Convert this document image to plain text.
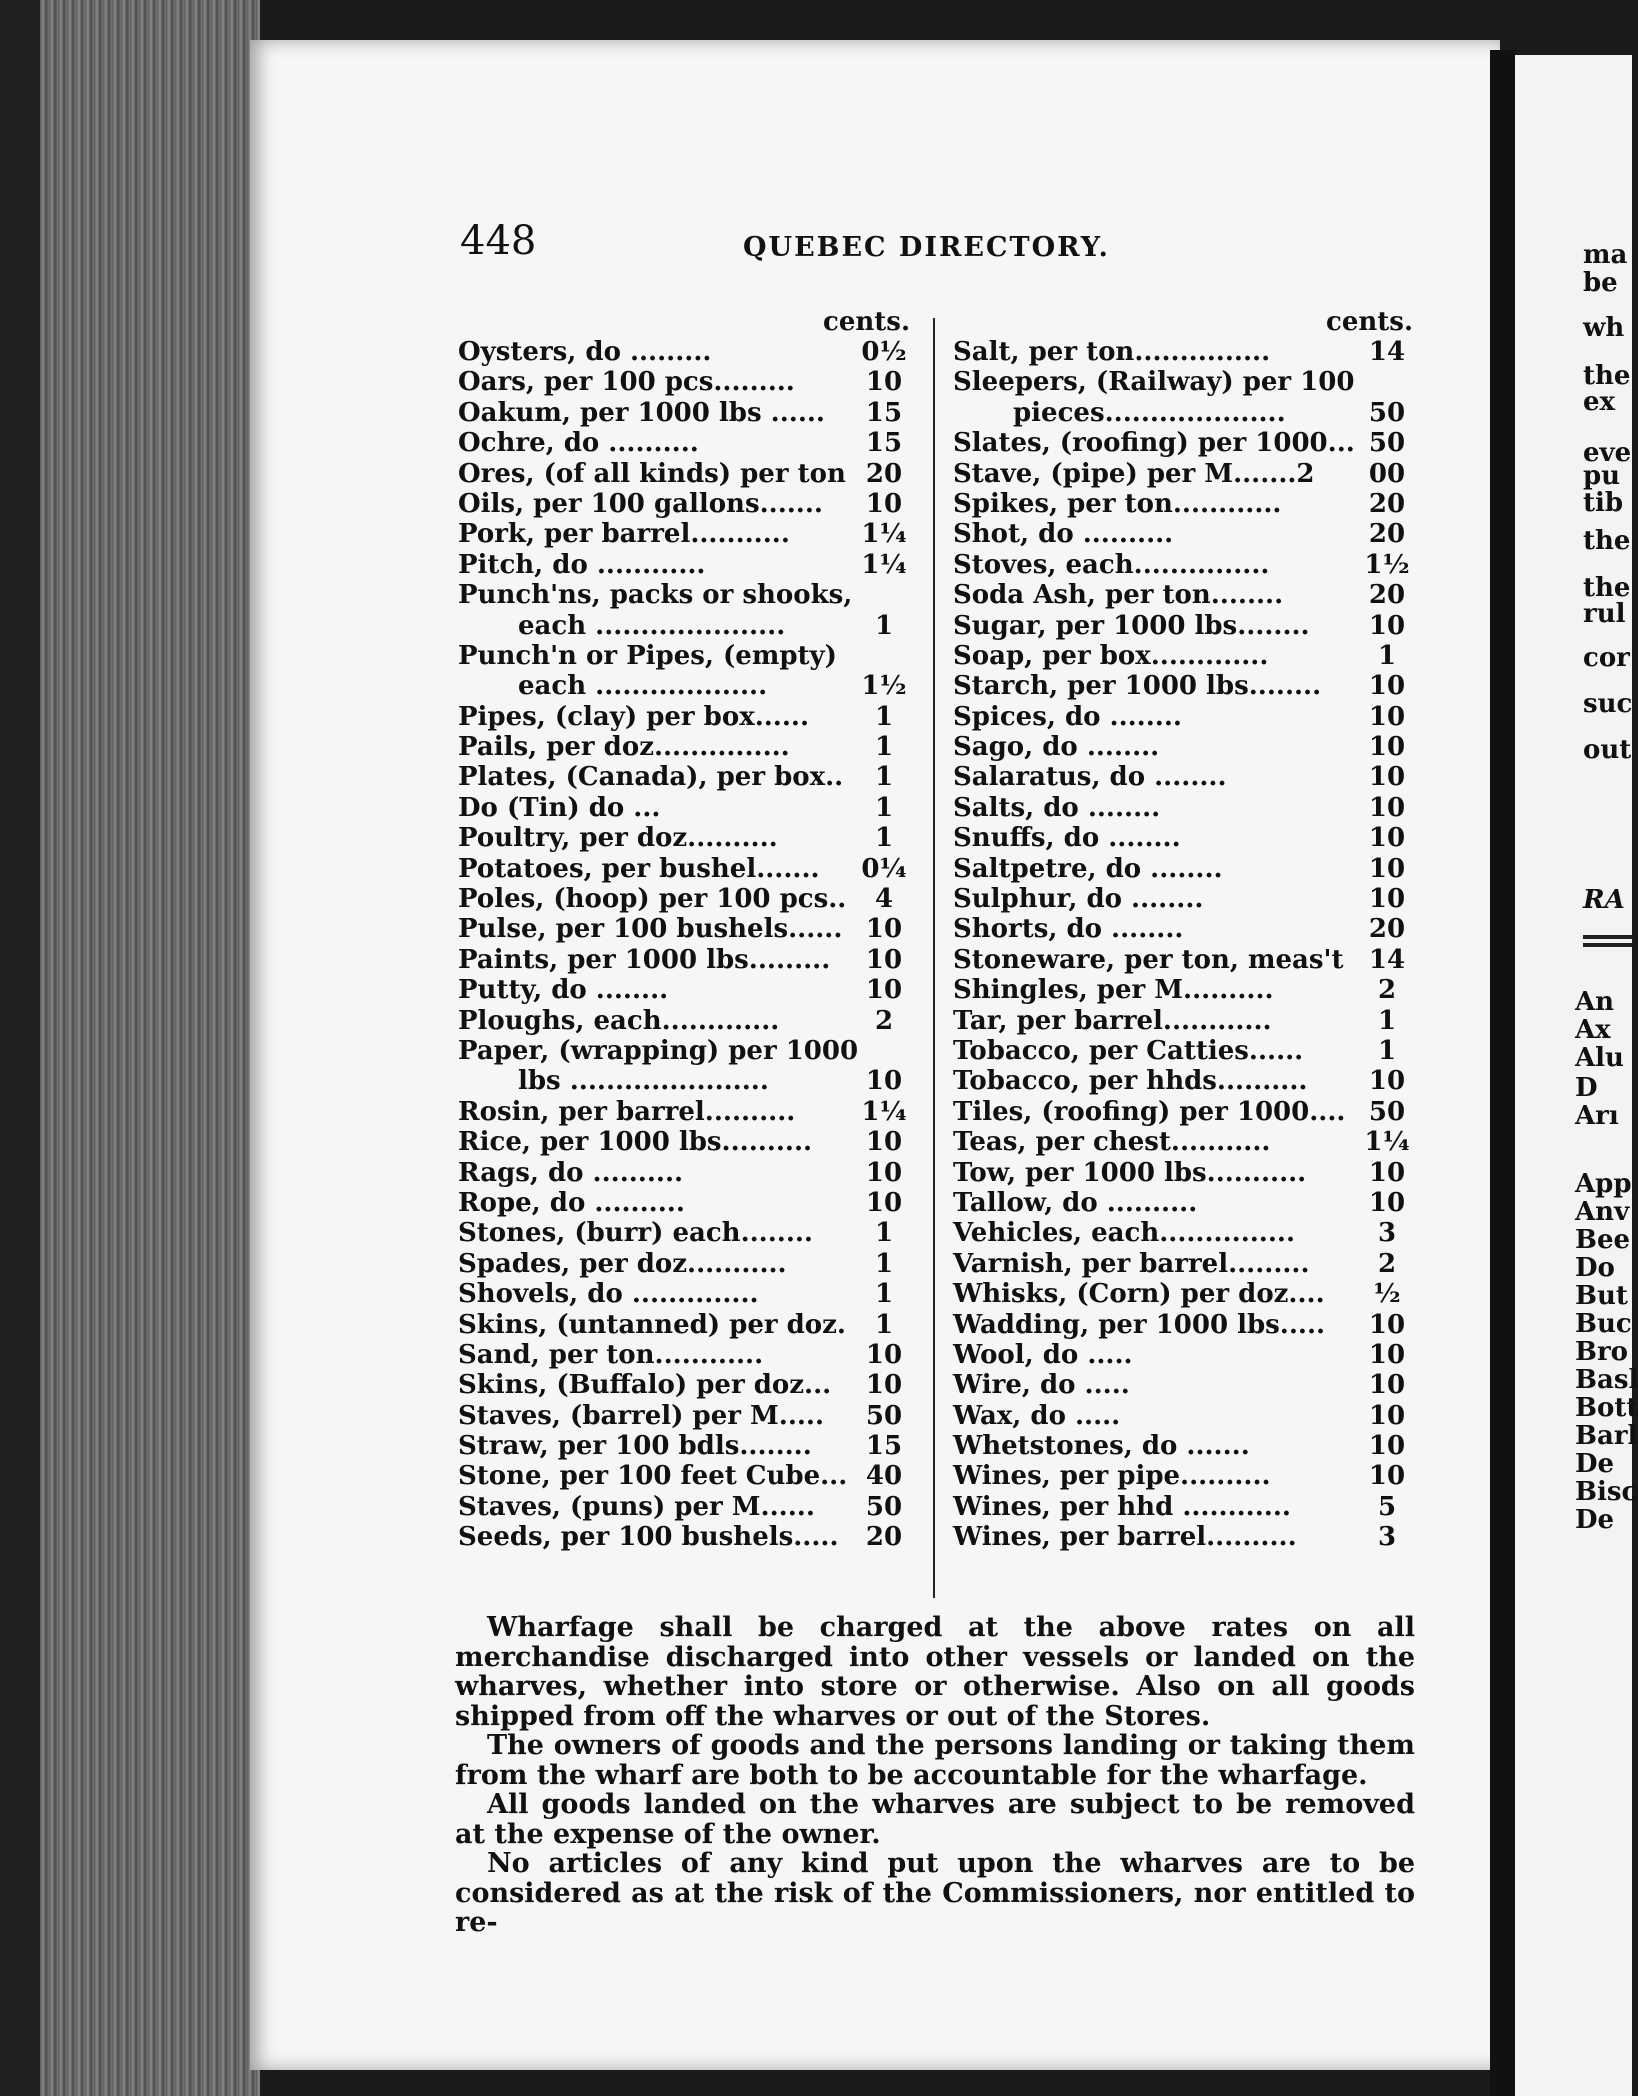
448	QUEBEC DIRECTORY.
cents.
Oysters, do .........	0½
Oars, per 100 pcs.........	10
Oakum, per 1000 lbs ......	15
Ochre, do ..........	15
Ores, (of all kinds) per ton 20
Oils, per 100 gallons.......	10
Pork, per barrel...........	1¼
Pitch, do ............	1¼
Punch'ns, packs or shooks,
each .....................	1
Punch'n or Pipes, (empty)
each ...................	1½
Pipes, (clay) per box......	1
Pails, per doz...............	1
Plates, (Canada), per box..	1
Do (Tin) do ...	1
Poultry, per doz..........	1
Potatoes, per bushel.......	0¼
Poles, (hoop) per 100 pcs..	4
Pulse, per 100 bushels...... 10
Paints, per 1000 lbs.........	10
Putty, do ........	10
Ploughs, each.............	2
Paper, (wrapping) per 1000
lbs ......................	10
Rosin, per barrel..........	1¼
Rice, per 1000 lbs..........	10
Rags, do ..........	10
Rope, do ..........	10
Stones, (burr) each........	1
Spades, per doz...........	1
Shovels, do ..............	1
Skins, (untanned) per doz.	1
Sand, per ton............	10
Skins, (Buffalo) per doz...	10
Staves, (barrel) per M.....	50
Straw, per 100 bdls........	15
Stone, per 100 feet Cube... 40
Staves, (puns) per M......	50
Seeds, per 100 bushels.....	20
cents.
Salt, per ton...............	14
Sleepers, (Railway) per 100
pieces....................	50
Slates, (roofing) per 1000... 50
Stave, (pipe) per M.......2	00
Spikes, per ton............	20
Shot, do ..........	20
Stoves, each...............	1½
Soda Ash, per ton........	20
Sugar, per 1000 lbs........	10
Soap, per box.............	1
Starch, per 1000 lbs........	10
Spices, do ........	10
Sago, do ........	10
Salaratus, do ........	10
Salts, do ........	10
Snuffs, do ........	10
Saltpetre, do ........	10
Sulphur, do ........	10
Shorts, do ........	20
Stoneware, per ton, meas't 14
Shingles, per M..........	2
Tar, per barrel............	1
Tobacco, per Catties......	1
Tobacco, per hhds..........	10
Tiles, (roofing) per 1000.... 50
Teas, per chest...........	1¼
Tow, per 1000 lbs...........	10
Tallow, do ..........	10
Vehicles, each...............	3
Varnish, per barrel.........	2
Whisks, (Corn) per doz....	½
Wadding, per 1000 lbs.....	10
Wool, do .....	10
Wire, do .....	10
Wax, do .....	10
Whetstones, do .......	10
Wines, per pipe..........	10
Wines, per hhd ............	5
Wines, per barrel..........	3

Wharfage shall be charged at the above rates on all merchandise discharged into other vessels or landed on the wharves, whether into store or otherwise. Also on all goods shipped from off the wharves or out of the Stores.

The owners of goods and the persons landing or taking them from the wharf are both to be accountable for the wharfage.

All goods landed on the wharves are subject to be removed at the expense of the owner.

No articles of any kind put upon the wharves are to be considered as at the risk of the Commissioners, nor entitled to re-

ma
be
wh
the
ex
eve
pu
tib
the
the
rul
cor
suc
out
RA
An
Ax
Alu
D
Arı
App
Anv
Bee
Do
But
Buc
Bro
Basl
Bott
Barl
De
Bisc
De
